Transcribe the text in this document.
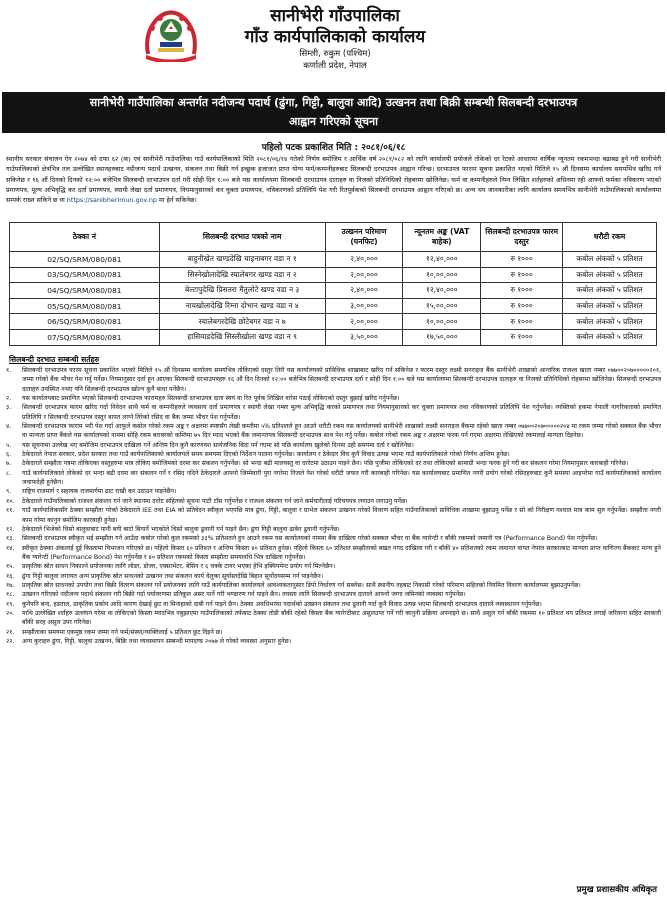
सानीभेरी गाँउपालिका
गाँउ कार्यपालिकाको कार्यालय
सिम्ली, रुकुम (पश्चिम)
कर्णाली प्रदेश, नेपाल
सानीभेरी गाउँपालिका अन्तर्गत नदीजन्य पदार्थ (ढुंगा, गिट्टी, बालुवा आदि) उत्खनन तथा बिक्री सम्बन्धी सिलबन्दी दरभाउपत्र
आह्वान गरिएको सूचना
पहिलो पटक प्रकाशित मिति : २०८१/०६/१८
स्थानीय सरकार संचालन ऐन २०७४ को दफा ६२ (क) एवं सानीभेरी गाउँपालिका गाउँ कार्यपालिकाको मिति २०८१/०६/१४ गतेको निर्णय बमोजिम र आर्थिक वर्ष २०८१/०८२ को लागि कार्यालयी प्रयोजले तोकेको दर रेटको आधारमा वार्षिक न्यूनतम रकमभन्दा बढाबढ हुने गरी सानीभेरी गाउँपालिकाको क्षेत्रभित्र तल उल्लेखित स्थानहरुबाट नदीजन्य पदार्थ उत्खनन, संकलन तथा बिक्री गर्न इच्छुक इजाजत प्राप्त योग्य फर्म/कम्पनीहरुबाट सिलबन्दी दरभाउपत्र आह्वान गरिन्छ। दरभाउपत्र फाराम सूचना प्रकाशित भएको मितिले १५ औं दिनसम्म कार्यालय समयभित्र खरिद गर्न सकिनेछ र १६ औं दिनको दिनको १२:०० बजेभित्र सिलबन्दी दरभाउपत्र दर्ता गरी सोही दिन १:०० बजे यस कार्यालयमा सिलबन्दी दरभाउपत्र दाताहरु वा निजको प्रतिनिधिको रोहबरमा खोलिनेछ। फर्म वा कम्पनीहरुले निम्न लिखित शर्तहरुको अधिनमा रही आफ्नो फर्मका नविकरण भएको प्रमाणपत्र, मूल्य अभिवृद्धि कर दर्ता प्रमाणपत्र, स्थायी लेखा दर्ता प्रमाणपत्र, नियमानुसारको कर चुक्ता प्रमाणपत्र, नविकरणको प्रतिलिपि पेश गरी रितपूर्वकको सिलबन्दी दरभाउपत्र आह्वान गरिएको छ। अन्य थप जानकारीका लागि कार्यालय समयभित्र सानीभेरी गाउँपालिकाको कार्यालयमा सम्पर्क राख्न सकिने छ वा https://sanibherimun.gov.np मा हेर्न सकिनेछ।
ठेक्का नं	सिलबन्दी दरभाउ पत्रको नाम	उत्खनन परिमाण (घनफिट)	न्यूनतम अङ्क (VAT बाहेक)	सिलबन्दी दरभाउपत्र फारम दस्तुर	धरौटी रकम
02/SQ/SRM/080/081	बाहुनीखेत खण्डदेखि चाइनाबगर वडा न १	२,४०,०००	१२,४०,०००	रु १०००	कबोल अंकको ५ प्रतिशत
03/SQ/SRM/080/081	सिस्नेखोलादेखि स्यालेबगर खण्ड वडा न २	२,००,०००	१०,००,०००	रु १०००	कबोल अंकको ५ प्रतिशत
04/SQ/SRM/080/081	बेल्टापुदेखि प्रिसतरा मैतुलोटे खण्ड वडा न ३	२,४०,०००	१२,४०,०००	रु १०००	कबोल अंकको ५ प्रतिशत
05/SQ/SRM/080/081	नायखोलादेखि रिम्ना दोभान खण्ड वडा न ४	३,००,०००	१५,००,०००	रु १०००	कबोल अंकको ५ प्रतिशत
06/SQ/SRM/080/081	स्यालेबगरदेखि छोटेबगर वडा न ७	२,००,०००	१०,००,०००	रु १०००	कबोल अंकको ५ प्रतिशत
07/SQ/SRM/080/081	हासियाडदेखि सिस्लीखोला खण्ड वडा न ९	३,५०,०००	१७,५०,०००	रु १०००	कबोल अंकको ५ प्रतिशत
सिलबन्दी दरभाउ सम्बन्धी सर्तहरु
१.	सिलबन्दी दरभाउपत्र फारम सूचना प्रकाशित भएको मितिले १५ औं दिनसम्म कार्यालय समयभित्र तोकिएको दस्तुर तिरी यस कार्यालयको प्राविधिक शाखाबाट खरिद गर्न सकिनेछ र फारम दस्तुर लक्ष्मी सनराइज बैंक सानीभेरी शाखाको आन्तरिक राजश्व खाता नम्बर ०७७००२०७०००००२०१, जम्मा गरेको बैंक भौचर पेश गर्नु पर्नेछ। नियमानुसार दर्ता हुन आएका सिलबन्दी दरभाउपत्रहरु १६ औं दिन दिनको १२:०० बजेभित्र सिलबन्दी दरभाउपत्र दर्ता र सोही दिन १:०० बजे यस कार्यालयमा सिलबन्दी दरभाउपत्र दाताहरु वा निजको प्रतिनिधिको रोहबरमा खोलिनेछ। सिलबन्दी दरभाउपत्र दाताहरु उपस्थित नभए पनि सिलबन्दी दरभाउपत्र खोल्न कुनै बाधा पर्नेछैन।
२.	यस कार्यालयबाट प्रमाणित भएको सिलबन्दी दरभाउपत्र फारामहरु सिलबन्दी दरभाउपत्र दाता स्वयं वा रित पूर्वक लिखित वारेस पठाई तोकिएको दस्तुर बुझाई खरिद गर्नुपर्नेछ।
३.	सिलबन्दी दरभाउपत्र फारम खरिद गर्दा निवेदन साथै फर्म वा कम्पनीहरुले व्यवसाय दर्ता प्रमाणपत्र र स्थायी लेखा नम्बर मूल्य अभिवृद्धि करको प्रमाणपत्र तथा नियमानुसारको कर चुक्ता प्रमाणपत्र तथा नविकरणको प्रतिलिपि पेश गर्नुपर्नेछ। व्यक्तिको हकमा नेपाली नागरिकताको प्रमाणित प्रतिलिपि र सिलबन्दी दरभाउपत्र दस्तुर बापत लाग्ने तिरेको रसिद वा बैंक जम्मा भौचर पेश गर्नुपर्नेछ।
४.	सिलबन्दी दरभाउपत्र फाराम भरी पेश गर्दा आफूले कबोल गरेको रकम अङ्क र अक्षरमा स्पष्टसँग लेखी कम्तीमा ५% प्रतिशतले हुन आउने धरौटी रकम यस कार्यालयको सानीभेरी शाखाको लक्ष्मी सनराइज बैंकमा रहेको खाता नम्बर ०७७००२०७०००००२०४ मा रकम जम्मा गरेको सक्कल बैंक भौचर वा मान्यता प्राप्त बैंकले यस कार्यालयको नाममा सोहि रकम बराबरको कम्तिमा ७५ दिन म्याद भएको बैंक जमानतपत्र सिलबन्दी दरभाउपत्र साथ पेश गर्नु पर्नेछ। कबोल गरेको रकम अङ्क र अक्षरमा फरक पर्न गएमा अक्षरमा लेखिएको रकमलाई मान्यता दिइनेछ।
५.	यस सूचनामा उल्लेख भए बमोजिम दरभाउपत्र दाखिला गर्ने अन्तिम दिन कुनै कारणवश सार्वजनिक बिदा पर्न गएमा सो पछि कार्यालय खुलेको दिनमा उही समयमा दर्ता र खोलिनेछ।
६.	ठेकेदारले नेपाल सरकार, प्रदेश सरकार तथा गाउँ कार्यपालिकाको कार्यालयले समय समयमा दिएको निर्देशन पालना गर्नुपर्नेछ। कार्यालय र ठेकेदार विच कुनै विवाद उत्पन्न भएमा गाउँ कार्यपालिकाले गरेको निर्णय अन्तिम हुनेछ।
७.	ठेकेदारले सम्झौता पत्रमा तोकिएका वस्तुहरुमा मात्र तोकिए बमोजिमको दरमा कर संकलन गर्नुपर्नेछ। सो भन्दा बढी मालवस्तु वा दररेटमा उठाउन पाइने छैन। पछि पुजीमा तोकिएको दर तथा तोकिएको सामाग्री भन्दा फरक हुने गरी कर संकलन गरेमा नियमानुसार कारबाही गरिनेछ।
८.	गाउँ कार्यपालिकाले तोकेको दर भन्दा बढी दरमा कर संकलन गर्ने र रसिद नदिने ठेकेदारले आफ्नो जिम्मेवारी पुरा नगरेमा निजले पेश गरेको धरौटी जफत गरी कारबाही गरिनेछ। यस कार्यालयबाट प्रमाणित नगरी प्रयोग गरेको रसिदहरुबाट कुनै समस्या आइपरेमा गाउँ कार्यपालिकाको कार्यालय जवाफदेही हुनेछैन।
९.	राष्ट्रिय राजमार्ग र सहायक राजमार्गमा ढाट राखी कर उठाउन पाइनेछैन।
१०.	ठेकेदारले गाउँपालिकाको राजश्व संकलन गर्न जाने स्थानमा दररेट सहितको सूचना पाटी टाँस गर्नुपर्नेछ र राजश्व संकलन गर्न जाने कर्मचारीलाई परिचयपत्र लगाउन लगाउनु पर्नेछ।
११.	गाउँ कार्यपालिकासँग ठेक्का सम्झौता गरेको ठेकेदारले IEE तथा EIA को प्रतिवेदन स्वीकृत भएपछि मात्र ढुंगा, गिट्टी, बालुवा र ग्राभेल संकलन उत्खनन गरेको विवरण सहित गाउँपालिकाको प्राविधिक शाखामा बुझाउनु पर्नेछ र सो को निरीक्षण पश्चात मात्र काम सुरु गर्नुपर्नेछ। सम्झौता नगरी काम गरेमा कानुन बमोजिम कारबाही हुनेछ।
१२.	ठेकेदारले भिजेको चिसो बालुवाबाट पानी बगी बाटो बिगार्ने भएकोले चिसो बालुवा ढुवानी गर्न पाइने छैन। ढुंगा गिट्टी बालुवा ढाकेर ढुवानी गर्नुपर्नेछ।
१३.	सिलबन्दी दरभाउपत्र स्वीकृत भई सम्झौता गर्न आउँदा कबोल गरेको कुल रकमको ३३% प्रतिशतले हुन आउने रकम यस कार्यालयको नाममा बैंक दाखिला गरेको सक्कल भौचर वा बैंक ग्यारेन्टी र बाँकी रकमको जमानी पत्र (Performance Bond) पेश गर्नुपर्नेछ।
१४.	स्वीकृत ठेक्का अंकलाई दुई किस्तामा विभाजन गरिएको छ। पहिलो किस्ता ६० प्रतिशत र अन्तिम किस्ता ४० प्रतिशत हुनेछ। पहिलो किस्ता ६० प्रतिशत सम्झौताको बखत नगद दाखिला गरी र बाँकी ४० प्रतिशतको रकम जमानत वापत नेपाल सरकारबाट मान्यता प्राप्त वाणिज्य बैंकबाट मान्य हुने बैंक ग्यारेन्टी (Performance Bond) पेश गर्नुपर्नेछ र ४० प्रतिशत रकमको किस्ता सम्झौता समयावधि भित्र दाखिला गर्नुपर्नेछ।
१५.	प्राकृतिक स्रोत साधन निकाल्ने प्रयोजनका लागि लोडर, डोजर, एक्साभेटर, बेसिन र ६ चक्के टायर भएका हेभि इक्विपमेन्ट प्रयोग गर्न मिल्नेछैन।
१६.	ढुंगा गिट्टी बालुवा लगायत अन्य प्राकृतिक स्रोत साधनको उत्खनन तथा संकलन कार्य वेलुका सूर्यास्तदेखि बिहान सूर्योदयसम्म गर्न पाइनेछैन।
१७.	प्राकृतिक स्रोत साधनको उपयोग तथा बिक्री वितरण संकलन गर्ने प्रयोजनका लागि गाउँ कार्यपालिका कार्यालयले आवश्यकतानुसार डिपो निर्धारण गर्न सक्नेछ। साथै स्थानीय तहबाट निकासी गरेको परिमाण सहितको नियमित विवरण कार्यालयमा बुझाउनुपर्नेछ।
१८.	उत्खनन गरिएको नदीजन्य पदार्थ संकलन गरी बिक्री गर्दा पर्यावरणमा प्रतिकूल असर पार्ने गरी भण्डारण गर्न पाइने छैन। तयस्ता लागि सिलबन्दी दरभाउपत्र दाताले आफ्नो जग्गा जमिनको व्यवस्था गर्नुपर्नेछ।
१९.	कुनैपनि बन्द, हडताल, प्राकृतिक प्रकोप आदि कारण देखाई छुट वा मिनाहाको दाबी गर्न पाइने छैन। ठेक्का अवधिभरमा पदार्थको उत्खनन संकलन तथा ढुवानी गर्दा कुनै विवाद उत्पन्न भएमा सिलबन्दी दरभाउपत्र दाताले व्यवस्थापन गर्नुपर्नेछ।
२०.	माथि उल्लेखित शर्तहरु उल्लंघन गरेमा वा तोकिएको किस्ता म्यादभित्र नबुझाएमा गाउँपालिकाको तर्फबाट ठेक्का तोडी बाँकी रहेको किस्ता बैंक ग्यारेन्टीबाट असुलउपर गर्ने गरी कानुनी प्रक्रिया अपनाइने छ। साथै असुल गर्न बाँकी रकममा १० प्रतिशत थप प्रतिशत लगाई जरिवाना सहित सरकारी बाँकी सरह असुल उपर गरिनेछ।
२१.	सम्झौताका समयमा एकमुष्ठ रकम जम्मा गर्न फर्म/संस्था/व्यक्तिलाई ५ प्रतिशत छुट दिइने छ।
२२.	अन्य कुराहरु ढुंगा, गिट्टी, बालुवा उत्खनन, बिक्रि तथा व्यवस्थापन सम्बन्धी मापदण्ड २०७७ ले गरेको व्यवस्था अनुसार हुनेछ।
प्रमुख प्रशासकीय अधिकृत
